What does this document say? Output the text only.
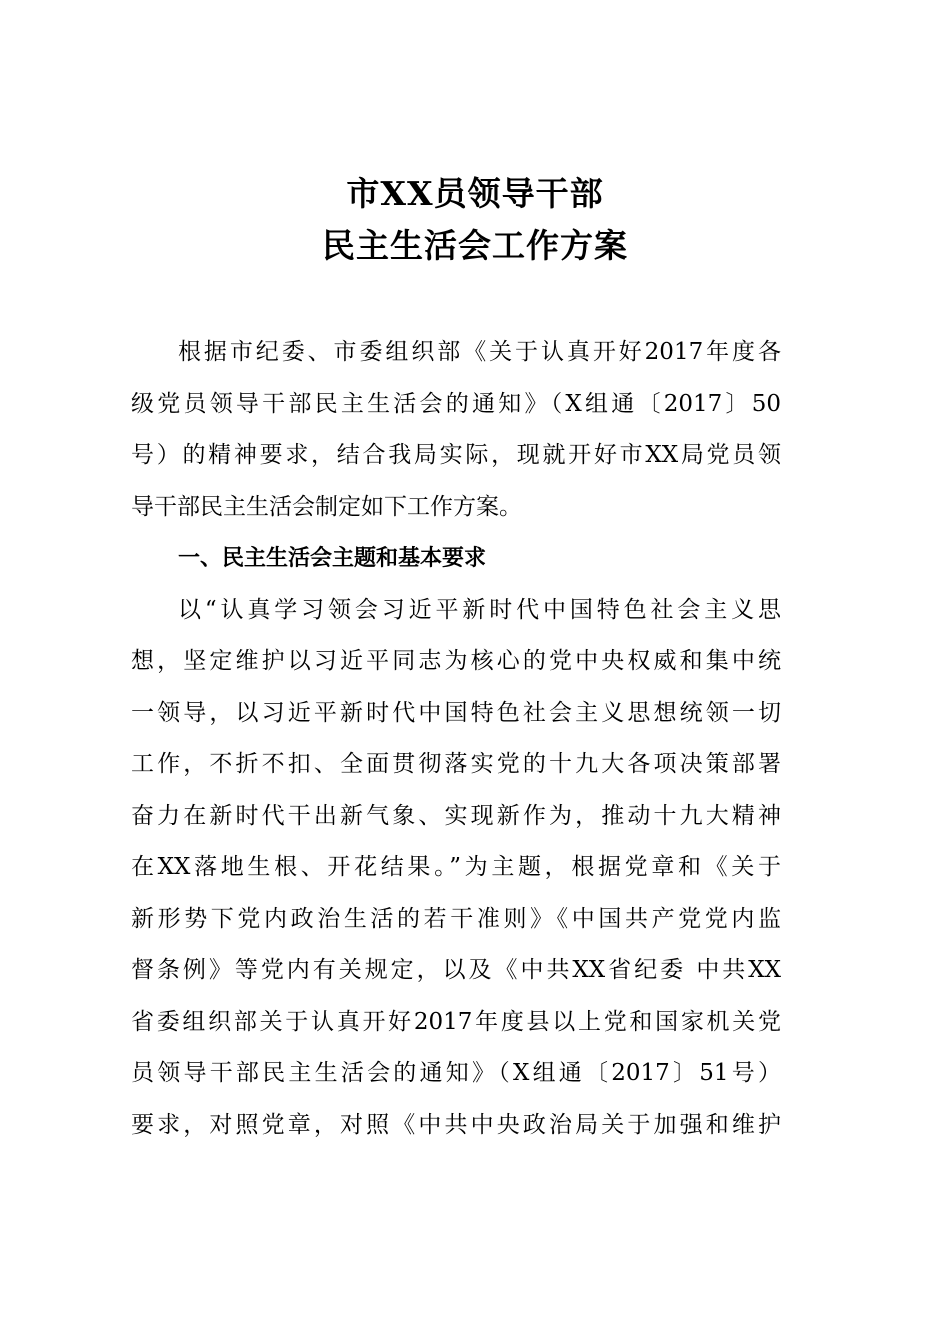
市XX员领导干部
民主生活会工作方案
根据市纪委、市委组织部《关于认真开好2017年度各
级党员领导干部民主生活会的通知》（X组通〔2017〕50
号）的精神要求，结合我局实际，现就开好市XX局党员领
导干部民主生活会制定如下工作方案。
一、民主生活会主题和基本要求
以“认真学习领会习近平新时代中国特色社会主义思
想，坚定维护以习近平同志为核心的党中央权威和集中统
一领导，以习近平新时代中国特色社会主义思想统领一切
工作，不折不扣、全面贯彻落实党的十九大各项决策部署
奋力在新时代干出新气象、实现新作为，推动十九大精神
在XX落地生根、开花结果。”为主题，根据党章和《关于
新形势下党内政治生活的若干准则》《中国共产党党内监
督条例》等党内有关规定，以及《中共XX省纪委 中共XX
省委组织部关于认真开好2017年度县以上党和国家机关党
员领导干部民主生活会的通知》（X组通〔2017〕51号）
要求，对照党章，对照《中共中央政治局关于加强和维护
